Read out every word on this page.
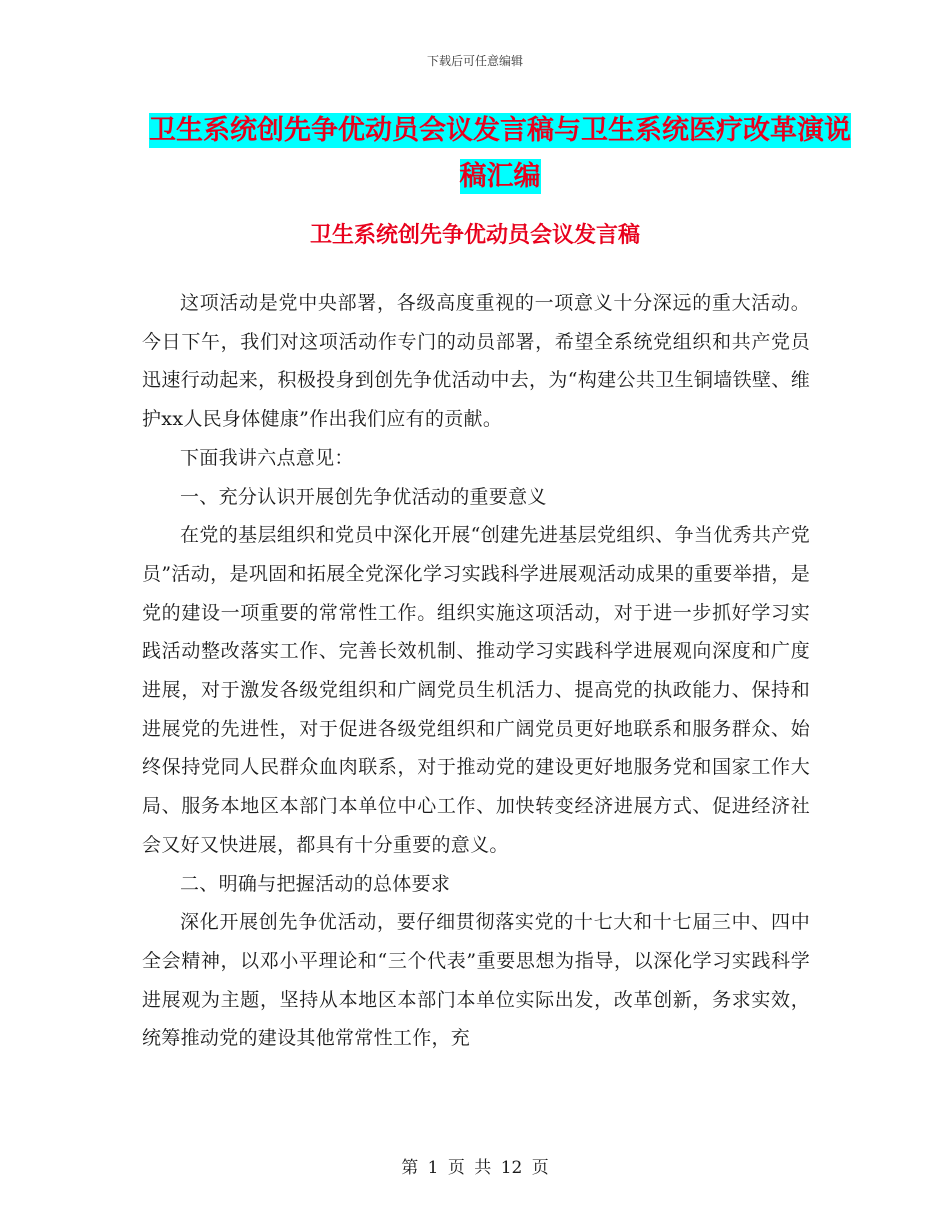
下载后可任意编辑
卫生系统创先争优动员会议发言稿与卫生系统医疗改革演说稿汇编
卫生系统创先争优动员会议发言稿

这项活动是党中央部署，各级高度重视的一项意义十分深远的重大活动。今日下午，我们对这项活动作专门的动员部署，希望全系统党组织和共产党员迅速行动起来，积极投身到创先争优活动中去，为“构建公共卫生铜墙铁壁、维护xx人民身体健康”作出我们应有的贡献。

下面我讲六点意见：

一、充分认识开展创先争优活动的重要意义

在党的基层组织和党员中深化开展“创建先进基层党组织、争当优秀共产党员”活动，是巩固和拓展全党深化学习实践科学进展观活动成果的重要举措，是党的建设一项重要的常常性工作。组织实施这项活动，对于进一步抓好学习实践活动整改落实工作、完善长效机制、推动学习实践科学进展观向深度和广度进展，对于激发各级党组织和广阔党员生机活力、提高党的执政能力、保持和进展党的先进性，对于促进各级党组织和广阔党员更好地联系和服务群众、始终保持党同人民群众血肉联系，对于推动党的建设更好地服务党和国家工作大局、服务本地区本部门本单位中心工作、加快转变经济进展方式、促进经济社会又好又快进展，都具有十分重要的意义。

二、明确与把握活动的总体要求

深化开展创先争优活动，要仔细贯彻落实党的十七大和十七届三中、四中全会精神，以邓小平理论和“三个代表”重要思想为指导，以深化学习实践科学进展观为主题，坚持从本地区本部门本单位实际出发，改革创新，务求实效，统筹推动党的建设其他常常性工作，充

第 1 页 共 12 页
